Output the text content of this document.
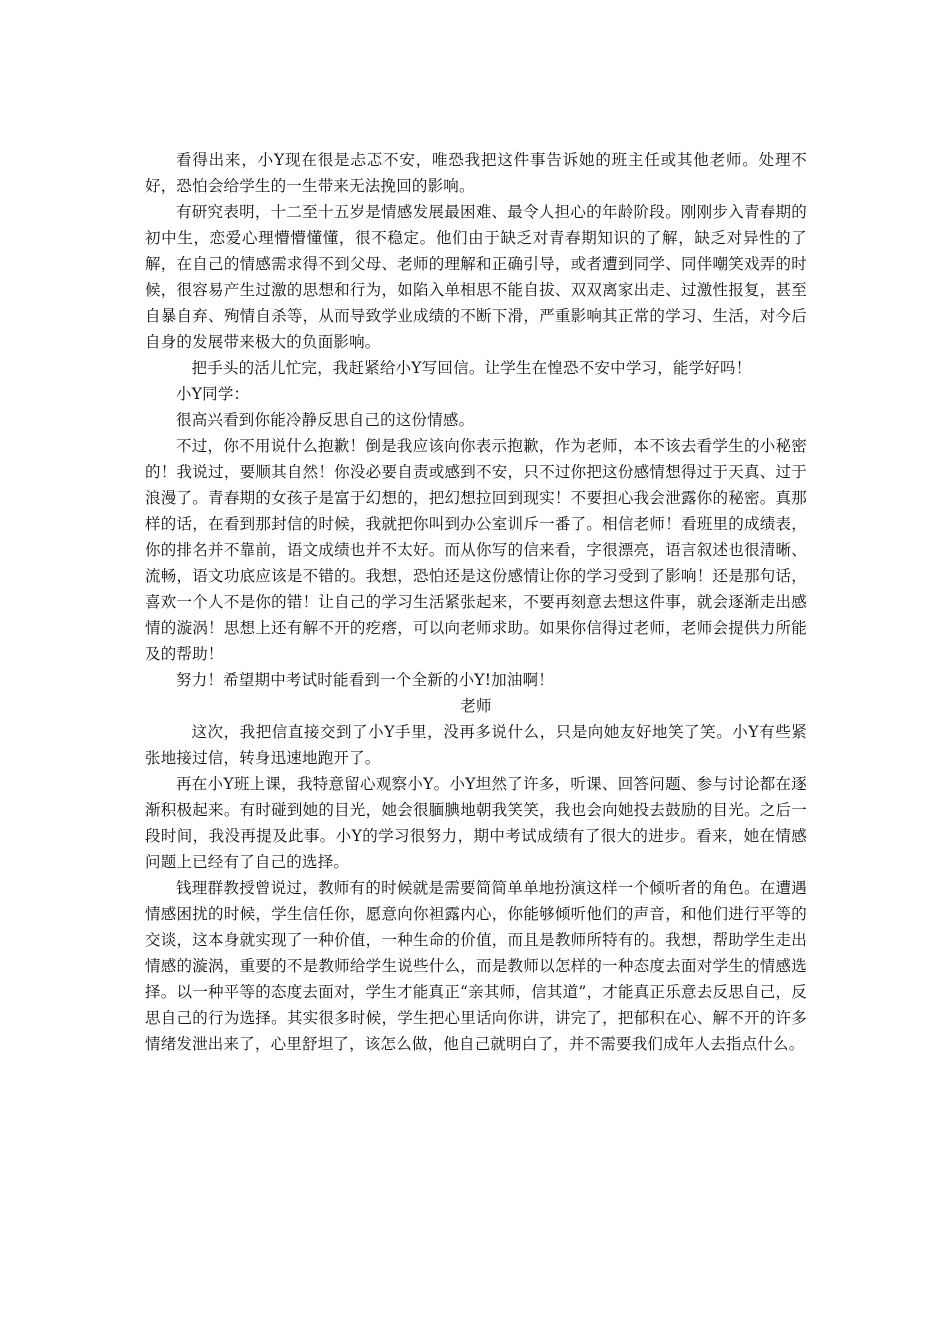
看得出来，小Y现在很是忐忑不安，唯恐我把这件事告诉她的班主任或其他老师。处理不好，恐怕会给学生的一生带来无法挽回的影响。

有研究表明，十二至十五岁是情感发展最困难、最令人担心的年龄阶段。刚刚步入青春期的初中生，恋爱心理懵懵懂懂，很不稳定。他们由于缺乏对青春期知识的了解，缺乏对异性的了解，在自己的情感需求得不到父母、老师的理解和正确引导，或者遭到同学、同伴嘲笑戏弄的时候，很容易产生过激的思想和行为，如陷入单相思不能自拔、双双离家出走、过激性报复，甚至自暴自弃、殉情自杀等，从而导致学业成绩的不断下滑，严重影响其正常的学习、生活，对今后自身的发展带来极大的负面影响。

把手头的活儿忙完，我赶紧给小Y写回信。让学生在惶恐不安中学习，能学好吗！

小Y同学：

很高兴看到你能冷静反思自己的这份情感。

不过，你不用说什么抱歉！倒是我应该向你表示抱歉，作为老师，本不该去看学生的小秘密的！我说过，要顺其自然！你没必要自责或感到不安，只不过你把这份感情想得过于天真、过于浪漫了。青春期的女孩子是富于幻想的，把幻想拉回到现实！不要担心我会泄露你的秘密。真那样的话，在看到那封信的时候，我就把你叫到办公室训斥一番了。相信老师！看班里的成绩表，你的排名并不靠前，语文成绩也并不太好。而从你写的信来看，字很漂亮，语言叙述也很清晰、流畅，语文功底应该是不错的。我想，恐怕还是这份感情让你的学习受到了影响！还是那句话，喜欢一个人不是你的错！让自己的学习生活紧张起来，不要再刻意去想这件事，就会逐渐走出感情的漩涡！思想上还有解不开的疙瘩，可以向老师求助。如果你信得过老师，老师会提供力所能及的帮助！

努力！希望期中考试时能看到一个全新的小Y!加油啊！

老师

这次，我把信直接交到了小Y手里，没再多说什么，只是向她友好地笑了笑。小Y有些紧张地接过信，转身迅速地跑开了。

再在小Y班上课，我特意留心观察小Y。小Y坦然了许多，听课、回答问题、参与讨论都在逐渐积极起来。有时碰到她的目光，她会很腼腆地朝我笑笑，我也会向她投去鼓励的目光。之后一段时间，我没再提及此事。小Y的学习很努力，期中考试成绩有了很大的进步。看来，她在情感问题上已经有了自己的选择。

钱理群教授曾说过，教师有的时候就是需要简简单单地扮演这样一个倾听者的角色。在遭遇情感困扰的时候，学生信任你，愿意向你袒露内心，你能够倾听他们的声音，和他们进行平等的交谈，这本身就实现了一种价值，一种生命的价值，而且是教师所特有的。我想，帮助学生走出情感的漩涡，重要的不是教师给学生说些什么，而是教师以怎样的一种态度去面对学生的情感选择。以一种平等的态度去面对，学生才能真正“亲其师，信其道”，才能真正乐意去反思自己，反思自己的行为选择。其实很多时候，学生把心里话向你讲，讲完了，把郁积在心、解不开的许多情绪发泄出来了，心里舒坦了，该怎么做，他自己就明白了，并不需要我们成年人去指点什么。
